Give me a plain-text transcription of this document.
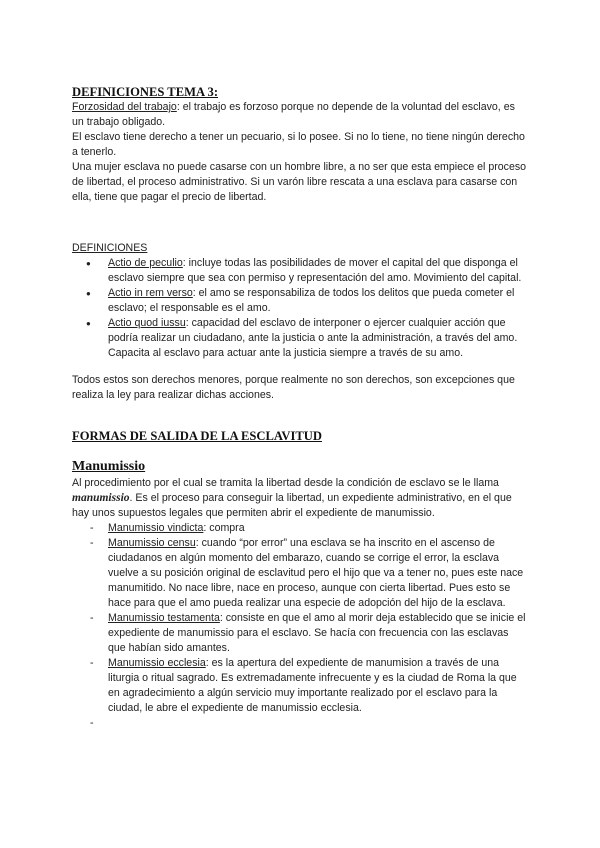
DEFINICIONES TEMA 3:

Forzosidad del trabajo: el trabajo es forzoso porque no depende de la voluntad del esclavo, es un trabajo obligado.

El esclavo tiene derecho a tener un pecuario, si lo posee. Si no lo tiene, no tiene ningún derecho a tenerlo.

Una mujer esclava no puede casarse con un hombre libre, a no ser que esta empiece el proceso de libertad, el proceso administrativo. Si un varón libre rescata a una esclava para casarse con ella, tiene que pagar el precio de libertad.

DEFINICIONES

● Actio de peculio: incluye todas las posibilidades de mover el capital del que disponga el esclavo siempre que sea con permiso y representación del amo. Movimiento del capital.
● Actio in rem verso: el amo se responsabiliza de todos los delitos que pueda cometer el esclavo; el responsable es el amo.
● Actio quod iussu: capacidad del esclavo de interponer o ejercer cualquier acción que podría realizar un ciudadano, ante la justicia o ante la administración, a través del amo. Capacita al esclavo para actuar ante la justicia siempre a través de su amo.

Todos estos son derechos menores, porque realmente no son derechos, son excepciones que realiza la ley para realizar dichas acciones.

FORMAS DE SALIDA DE LA ESCLAVITUD
Manumissio

Al procedimiento por el cual se tramita la libertad desde la condición de esclavo se le llama manumissio. Es el proceso para conseguir la libertad, un expediente administrativo, en el que hay unos supuestos legales que permiten abrir el expediente de manumissio.

- Manumissio vindicta: compra
- Manumissio censu: cuando “por error” una esclava se ha inscrito en el ascenso de ciudadanos en algún momento del embarazo, cuando se corrige el error, la esclava vuelve a su posición original de esclavitud pero el hijo que va a tener no, pues este nace manumitido. No nace libre, nace en proceso, aunque con cierta libertad. Pues esto se hace para que el amo pueda realizar una especie de adopción del hijo de la esclava.
- Manumissio testamenta: consiste en que el amo al morir deja establecido que se inicie el expediente de manumissio para el esclavo. Se hacía con frecuencia con las esclavas que habían sido amantes.
- Manumissio ecclesia: es la apertura del expediente de manumision a través de una liturgia o ritual sagrado. Es extremadamente infrecuente y es la ciudad de Roma la que en agradecimiento a algún servicio muy importante realizado por el esclavo para la ciudad, le abre el expediente de manumissio ecclesia.
-
